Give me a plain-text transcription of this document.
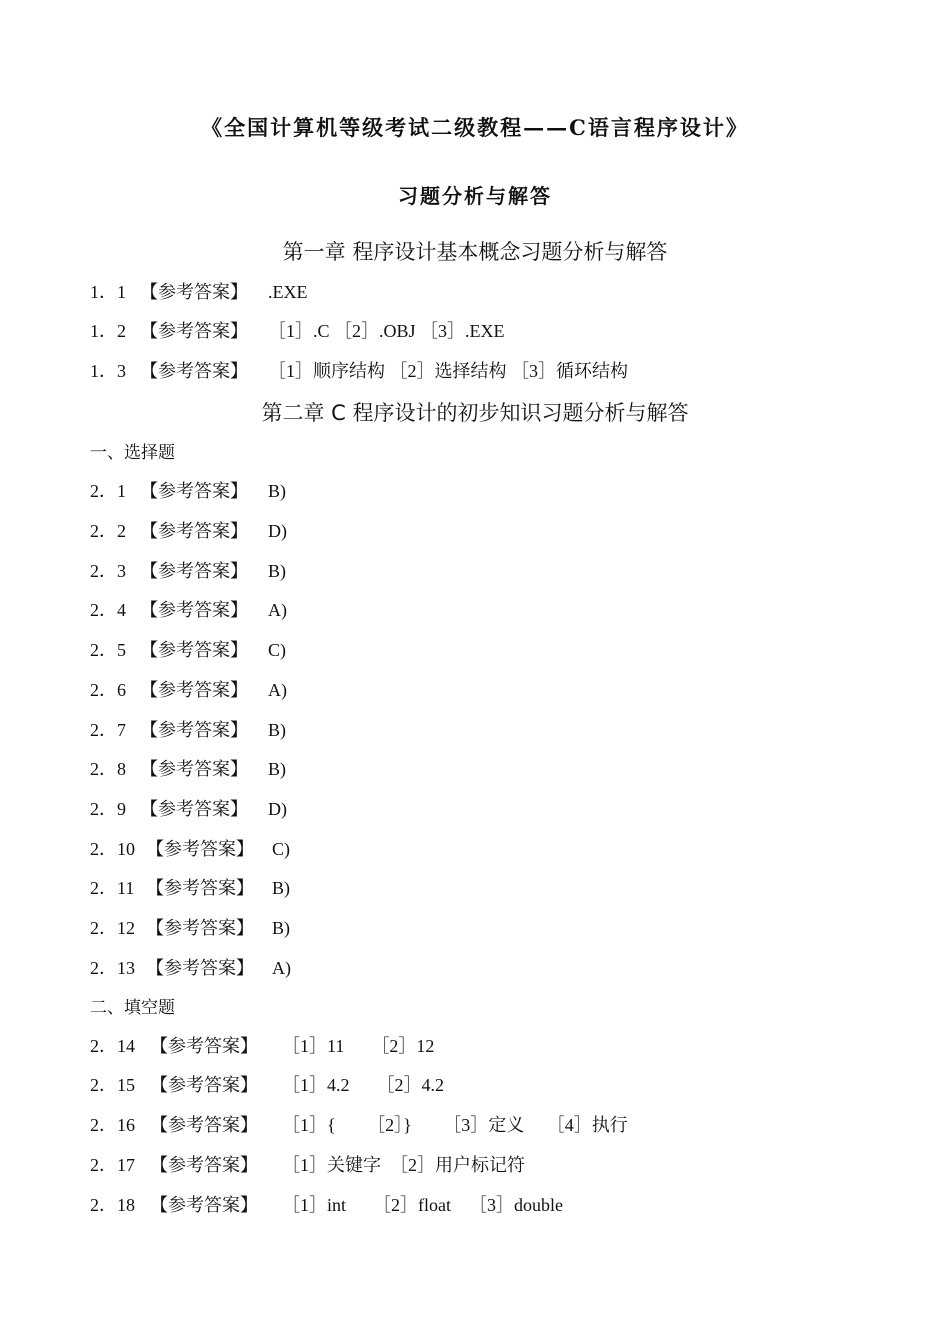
《全国计算机等级考试二级教程——C语言程序设计》
习题分析与解答
第一章 程序设计基本概念习题分析与解答
1．1 【参考答案】 .EXE
1．2 【参考答案】 ［1］.C ［2］.OBJ ［3］.EXE
1．3 【参考答案】 ［1］顺序结构 ［2］选择结构 ［3］循环结构
第二章 C 程序设计的初步知识习题分析与解答
一、选择题
2．1 【参考答案】 B)
2．2 【参考答案】 D)
2．3 【参考答案】 B)
2．4 【参考答案】 A)
2．5 【参考答案】 C)
2．6 【参考答案】 A)
2．7 【参考答案】 B)
2．8 【参考答案】 B)
2．9 【参考答案】 D)
2．10 【参考答案】 C)
2．11 【参考答案】 B)
2．12 【参考答案】 B)
2．13 【参考答案】 A)
二、填空题
2．14 【参考答案】 ［1］11      ［2］12
2．15 【参考答案】 ［1］4.2      ［2］4.2
2．16 【参考答案】 ［1］{       ［2］}       ［3］定义     ［4］执行
2．17 【参考答案】 ［1］关键字  ［2］用户标记符
2．18 【参考答案】 ［1］int      ［2］float    ［3］double
